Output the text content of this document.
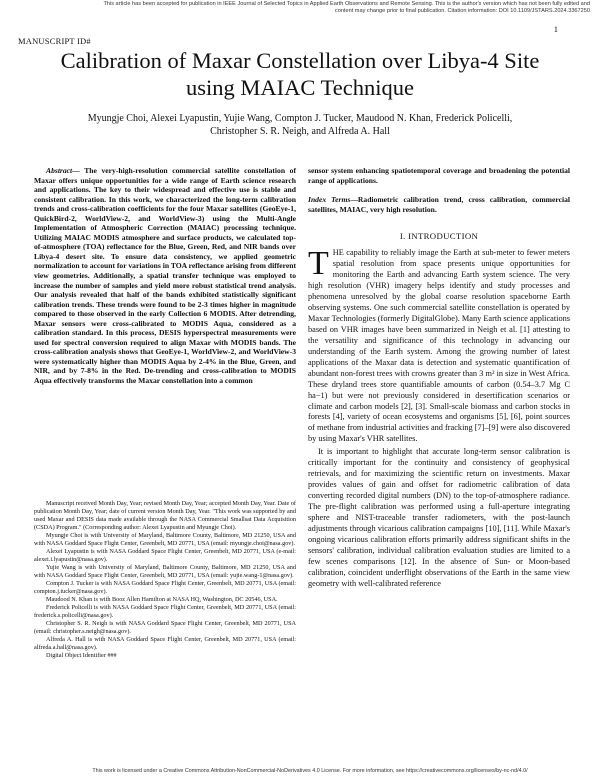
This article has been accepted for publication in IEEE Journal of Selected Topics in Applied Earth Observations and Remote Sensing. This is the author's version which has not been fully edited and
content may change prior to final publication. Citation information: DOI 10.1109/JSTARS.2024.3367250
1
MANUSCRIPT ID#
Calibration of Maxar Constellation over Libya-4 Site
using MAIAC Technique
Myungje Choi, Alexei Lyapustin, Yujie Wang, Compton J. Tucker, Maudood N. Khan, Frederick Policelli,
Christopher S. R. Neigh, and Alfreda A. Hall

Abstract— The very-high-resolution commercial satellite constellation of Maxar offers unique opportunities for a wide range of Earth science research and applications. The key to their widespread and effective use is stable and consistent calibration. In this work, we characterized the long-term calibration trends and cross-calibration coefficients for the four Maxar satellites (GeoEye-1, QuickBird-2, WorldView-2, and WorldView-3) using the Multi-Angle Implementation of Atmospheric Correction (MAIAC) processing technique. Utilizing MAIAC MODIS atmosphere and surface products, we calculated top-of-atmosphere (TOA) reflectance for the Blue, Green, Red, and NIR bands over Libya-4 desert site. To ensure data consistency, we applied geometric normalization to account for variations in TOA reflectance arising from different view geometries. Additionally, a spatial transfer technique was employed to increase the number of samples and yield more robust statistical trend analysis. Our analysis revealed that half of the bands exhibited statistically significant calibration trends. These trends were found to be 2-3 times higher in magnitude compared to those observed in the early Collection 6 MODIS. After detrending, Maxar sensors were cross-calibrated to MODIS Aqua, considered as a calibration standard. In this process, DESIS hyperspectral measurements were used for spectral conversion required to align Maxar with MODIS bands. The cross-calibration analysis shows that GeoEye-1, WorldView-2, and WorldView-3 were systematically higher than MODIS Aqua by 2-4% in the Blue, Green, and NIR, and by 7-8% in the Red. De-trending and cross-calibration to MODIS Aqua effectively transforms the Maxar constellation into a common

Manuscript received Month Day, Year; revised Month Day, Year; accepted Month Day, Year. Date of publication Month Day, Year; date of current version Month Day, Year. "This work was supported by and used Maxar and DESIS data made available through the NASA Commercial Smallsat Data Acquisition (CSDA) Program." (Corresponding author: Alexei Lyapustin and Myungje Choi).

Myungje Choi is with University of Maryland, Baltimore County, Baltimore, MD 21250, USA and with NASA Goddard Space Flight Center, Greenbelt, MD 20771, USA (email: myungje.choi@nasa.gov).

Alexei Lyapustin is with NASA Goddard Space Flight Center, Greenbelt, MD 20771, USA (e-mail: alexei.i.lyapustin@nasa.gov).

Yujie Wang is with University of Maryland, Baltimore County, Baltimore, MD 21250, USA and with NASA Goddard Space Flight Center, Greenbelt, MD 20771, USA (email: yujie.wang-1@nasa.gov).

Compton J. Tucker is with NASA Goddard Space Flight Center, Greenbelt, MD 20771, USA (email: compton.j.tucker@nasa.gov).

Maudood N. Khan is with Booz Allen Hamilton at NASA HQ, Washington, DC 20546, USA.

Frederick Policelli is with NASA Goddard Space Flight Center, Greenbelt, MD 20771, USA (email: frederick.s.policelli@nasa.gov).

Christopher S. R. Neigh is with NASA Goddard Space Flight Center, Greenbelt, MD 20771, USA (email: christopher.s.neigh@nasa.gov).

Alfreda A. Hall is with NASA Goddard Space Flight Center, Greenbelt, MD 20771, USA (email: alfreda.a.hall@nasa.gov).

Digital Object Identifier ###

sensor system enhancing spatiotemporal coverage and broadening the potential range of applications.

Index Terms—Radiometric calibration trend, cross calibration, commercial satellites, MAIAC, very high resolution.

I. INTRODUCTION

THE capability to reliably image the Earth at sub-meter to fewer meters spatial resolution from space presents unique opportunities for monitoring the Earth and advancing Earth system science. The very high resolution (VHR) imagery helps identify and study processes and phenomena unresolved by the global coarse resolution spaceborne Earth observing systems. One such commercial satellite constellation is operated by Maxar Technologies (formerly DigitalGlobe). Many Earth science applications based on VHR images have been summarized in Neigh et al. [1] attesting to the versatility and significance of this technology in advancing our understanding of the Earth system. Among the growing number of latest applications of the Maxar data is detection and systematic quantification of abundant non-forest trees with crowns greater than 3 m² in size in West Africa. These dryland trees store quantifiable amounts of carbon (0.54–3.7 Mg C ha−1) but were not previously considered in desertification scenarios or climate and carbon models [2], [3]. Small-scale biomass and carbon stocks in forests [4], variety of ocean ecosystems and organisms [5], [6], point sources of methane from industrial activities and fracking [7]–[9] were also discovered by using Maxar's VHR satellites.

It is important to highlight that accurate long-term sensor calibration is critically important for the continuity and consistency of geophysical retrievals, and for maximizing the scientific return on investments. Maxar provides values of gain and offset for radiometric calibration of data converting recorded digital numbers (DN) to the top-of-atmosphere radiance. The pre-flight calibration was performed using a full-aperture integrating sphere and NIST-traceable transfer radiometers, with the post-launch adjustments through vicarious calibration campaigns [10], [11]. While Maxar's ongoing vicarious calibration efforts primarily address significant shifts in the sensors' calibration, individual calibration evaluation studies are limited to a few scenes comparisons [12]. In the absence of Sun- or Moon-based calibration, coincident underflight observations of the Earth in the same view geometry with well-calibrated reference

This work is licensed under a Creative Commons Attribution-NonCommercial-NoDerivatives 4.0 License. For more information, see https://creativecommons.org/licenses/by-nc-nd/4.0/
